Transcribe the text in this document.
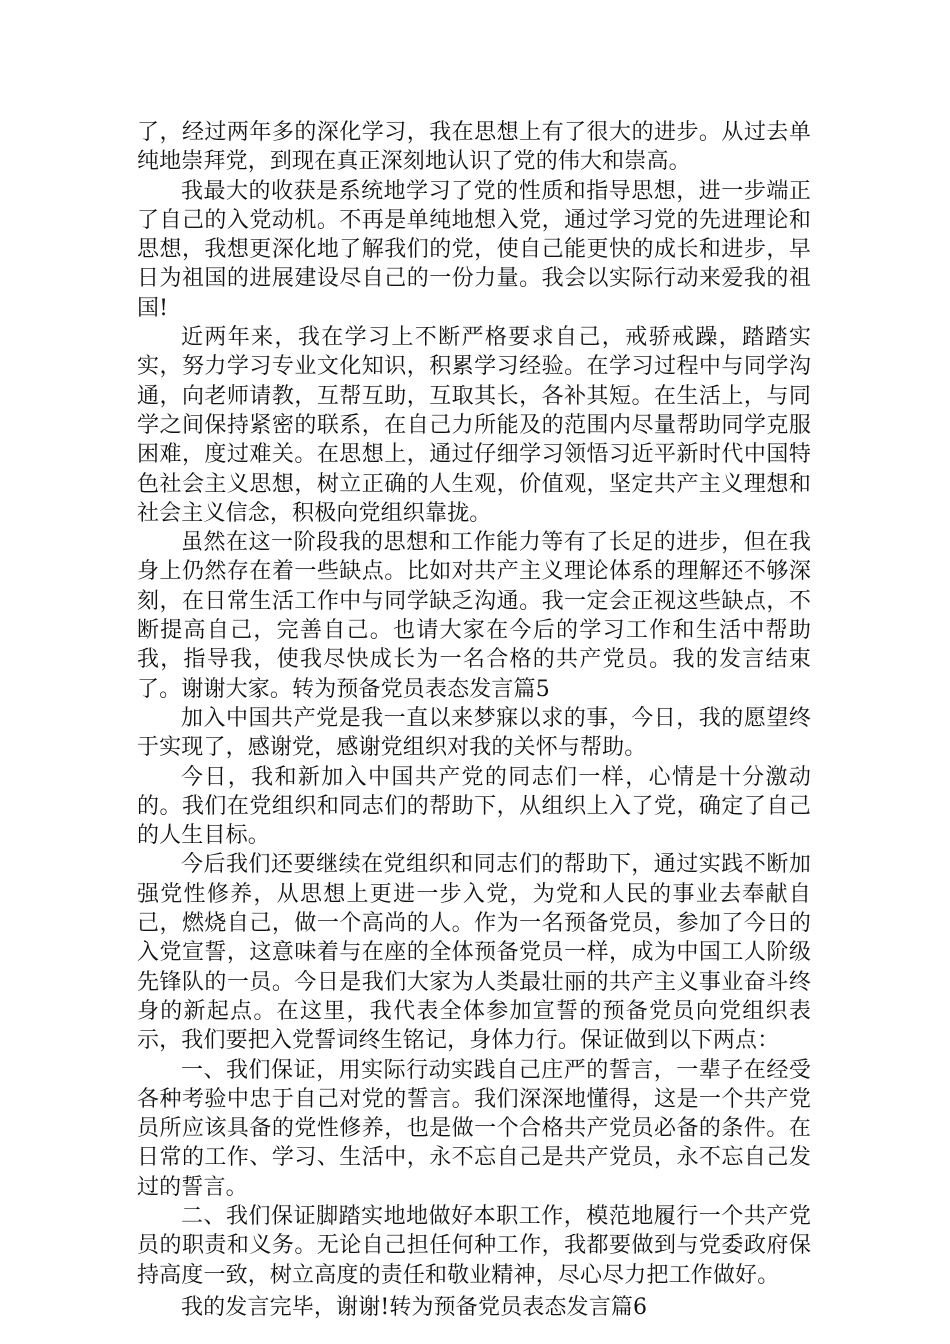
了，经过两年多的深化学习，我在思想上有了很大的进步。从过去单纯地崇拜党，到现在真正深刻地认识了党的伟大和崇高。

我最大的收获是系统地学习了党的性质和指导思想，进一步端正了自己的入党动机。不再是单纯地想入党，通过学习党的先进理论和思想，我想更深化地了解我们的党，使自己能更快的成长和进步，早日为祖国的进展建设尽自己的一份力量。我会以实际行动来爱我的祖国!

近两年来，我在学习上不断严格要求自己，戒骄戒躁，踏踏实实，努力学习专业文化知识，积累学习经验。在学习过程中与同学沟通，向老师请教，互帮互助，互取其长，各补其短。在生活上，与同学之间保持紧密的联系，在自己力所能及的范围内尽量帮助同学克服困难，度过难关。在思想上，通过仔细学习领悟习近平新时代中国特色社会主义思想，树立正确的人生观，价值观，坚定共产主义理想和社会主义信念，积极向党组织靠拢。

虽然在这一阶段我的思想和工作能力等有了长足的进步，但在我身上仍然存在着一些缺点。比如对共产主义理论体系的理解还不够深刻，在日常生活工作中与同学缺乏沟通。我一定会正视这些缺点，不断提高自己，完善自己。也请大家在今后的学习工作和生活中帮助我，指导我，使我尽快成长为一名合格的共产党员。我的发言结束了。谢谢大家。转为预备党员表态发言篇5

加入中国共产党是我一直以来梦寐以求的事，今日，我的愿望终于实现了，感谢党，感谢党组织对我的关怀与帮助。

今日，我和新加入中国共产党的同志们一样，心情是十分激动的。我们在党组织和同志们的帮助下，从组织上入了党，确定了自己的人生目标。

今后我们还要继续在党组织和同志们的帮助下，通过实践不断加强党性修养，从思想上更进一步入党，为党和人民的事业去奉献自己，燃烧自己，做一个高尚的人。作为一名预备党员，参加了今日的入党宣誓，这意味着与在座的全体预备党员一样，成为中国工人阶级先锋队的一员。今日是我们大家为人类最壮丽的共产主义事业奋斗终身的新起点。在这里，我代表全体参加宣誓的预备党员向党组织表示，我们要把入党誓词终生铭记，身体力行。保证做到以下两点：

一、我们保证，用实际行动实践自己庄严的誓言，一辈子在经受各种考验中忠于自己对党的誓言。我们深深地懂得，这是一个共产党员所应该具备的党性修养，也是做一个合格共产党员必备的条件。在日常的工作、学习、生活中，永不忘自己是共产党员，永不忘自己发过的誓言。

二、我们保证脚踏实地地做好本职工作，模范地履行一个共产党员的职责和义务。无论自己担任何种工作，我都要做到与党委政府保持高度一致，树立高度的责任和敬业精神，尽心尽力把工作做好。

我的发言完毕，谢谢!转为预备党员表态发言篇6
